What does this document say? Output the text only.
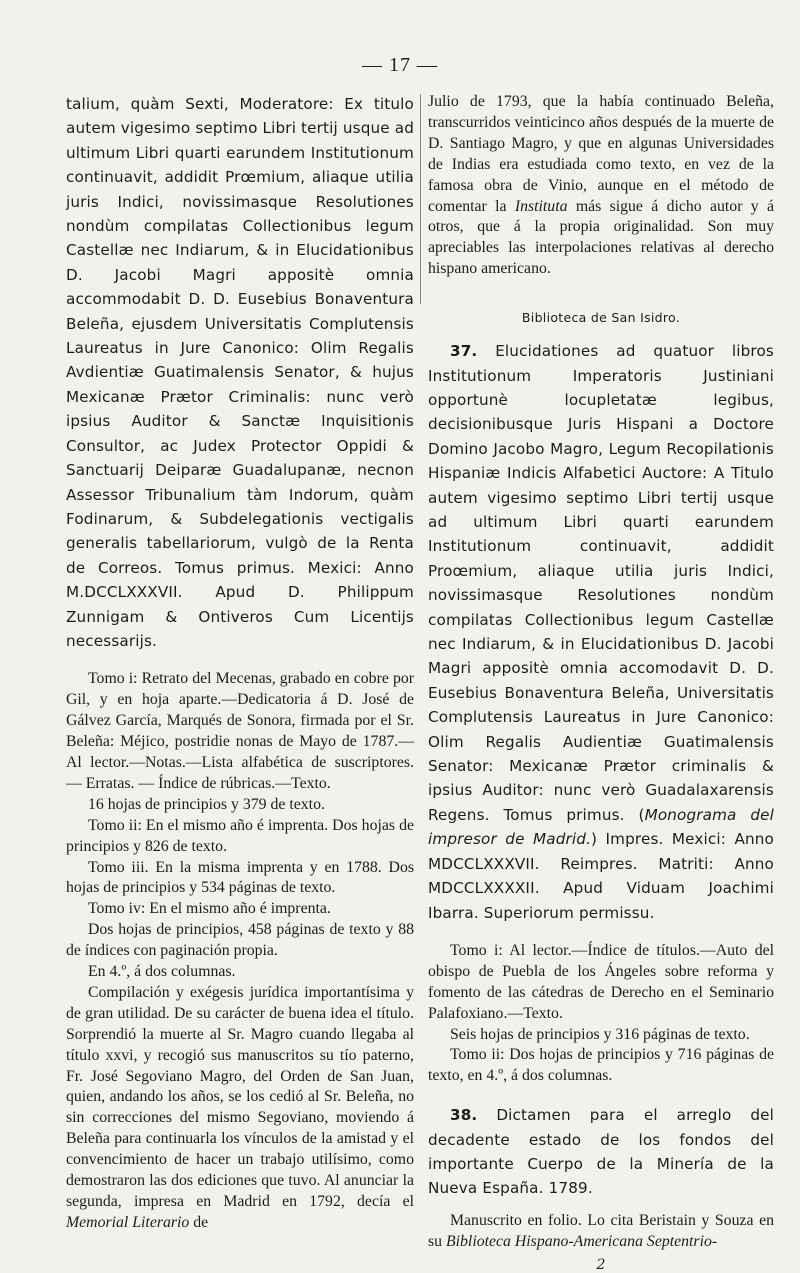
— 17 —

talium, quàm Sexti, Moderatore: Ex titulo autem vigesimo septimo Libri tertij usque ad ultimum Libri quarti earundem Institutionum continuavit, addidit Prœmium, aliaque utilia juris Indici, novissimasque Resolutiones nondùm compilatas Collectionibus legum Castellæ nec Indiarum, & in Elucidationibus D. Jacobi Magri appositè omnia accommodabit D. D. Eusebius Bonaventura Beleña, ejusdem Universitatis Complutensis Laureatus in Jure Canonico: Olim Regalis Avdientiæ Guatimalensis Senator, & hujus Mexicanæ Prætor Criminalis: nunc verò ipsius Auditor & Sanctæ Inquisitionis Consultor, ac Judex Protector Oppidi & Sanctuarij Deiparæ Guadalupanæ, necnon Assessor Tribunalium tàm Indorum, quàm Fodinarum, & Subdelegationis vectigalis generalis tabellariorum, vulgò de la Renta de Correos. Tomus primus. Mexici: Anno M.DCCLXXXVII. Apud D. Philippum Zunnigam & Ontiveros Cum Licentijs necessarijs.

Tomo i: Retrato del Mecenas, grabado en cobre por Gil, y en hoja aparte.—Dedicatoria á D. José de Gálvez García, Marqués de Sonora, firmada por el Sr. Beleña: Méjico, postridie nonas de Mayo de 1787.—Al lector.—Notas.—Lista alfabética de suscriptores. — Erratas. — Índice de rúbricas.—Texto.

16 hojas de principios y 379 de texto.

Tomo ii: En el mismo año é imprenta. Dos hojas de principios y 826 de texto.

Tomo iii. En la misma imprenta y en 1788. Dos hojas de principios y 534 páginas de texto.

Tomo iv: En el mismo año é imprenta.

Dos hojas de principios, 458 páginas de texto y 88 de índices con paginación propia.

En 4.º, á dos columnas.

Compilación y exégesis jurídica importantísima y de gran utilidad. De su carácter de buena idea el título. Sorprendió la muerte al Sr. Magro cuando llegaba al título xxvi, y recogió sus manuscritos su tío paterno, Fr. José Segoviano Magro, del Orden de San Juan, quien, andando los años, se los cedió al Sr. Beleña, no sin correcciones del mismo Segoviano, moviendo á Beleña para continuarla los vínculos de la amistad y el convencimiento de hacer un trabajo utilísimo, como demostraron las dos ediciones que tuvo. Al anunciar la segunda, impresa en Madrid en 1792, decía el Memorial Literario de

Julio de 1793, que la había continuado Beleña, transcurridos veinticinco años después de la muerte de D. Santiago Magro, y que en algunas Universidades de Indias era estudiada como texto, en vez de la famosa obra de Vinio, aunque en el método de comentar la Instituta más sigue á dicho autor y á otros, que á la propia originalidad. Son muy apreciables las interpolaciones relativas al derecho hispano americano.

Biblioteca de San Isidro.

37. Elucidationes ad quatuor libros Institutionum Imperatoris Justiniani opportunè locupletatæ legibus, decisionibusque Juris Hispani a Doctore Domino Jacobo Magro, Legum Recopilationis Hispaniæ Indicis Alfabetici Auctore: A Titulo autem vigesimo septimo Libri tertij usque ad ultimum Libri quarti earundem Institutionum continuavit, addidit Proœmium, aliaque utilia juris Indici, novissimasque Resolutiones nondùm compilatas Collectionibus legum Castellæ nec Indiarum, & in Elucidationibus D. Jacobi Magri appositè omnia accomodavit D. D. Eusebius Bonaventura Beleña, Universitatis Complutensis Laureatus in Jure Canonico: Olim Regalis Audientiæ Guatimalensis Senator: Mexicanæ Prætor criminalis & ipsius Auditor: nunc verò Guadalaxarensis Regens. Tomus primus. (Monograma del impresor de Madrid.) Impres. Mexici: Anno MDCCLXXXVII. Reimpres. Matriti: Anno MDCCLXXXXII. Apud Viduam Joachimi Ibarra. Superiorum permissu.

Tomo i: Al lector.—Índice de títulos.—Auto del obispo de Puebla de los Ángeles sobre reforma y fomento de las cátedras de Derecho en el Seminario Palafoxiano.—Texto.

Seis hojas de principios y 316 páginas de texto.

Tomo ii: Dos hojas de principios y 716 páginas de texto, en 4.º, á dos columnas.

38. Dictamen para el arreglo del decadente estado de los fondos del importante Cuerpo de la Minería de la Nueva España. 1789.

Manuscrito en folio. Lo cita Beristain y Souza en su Biblioteca Hispano-Americana Septentrio-

2
